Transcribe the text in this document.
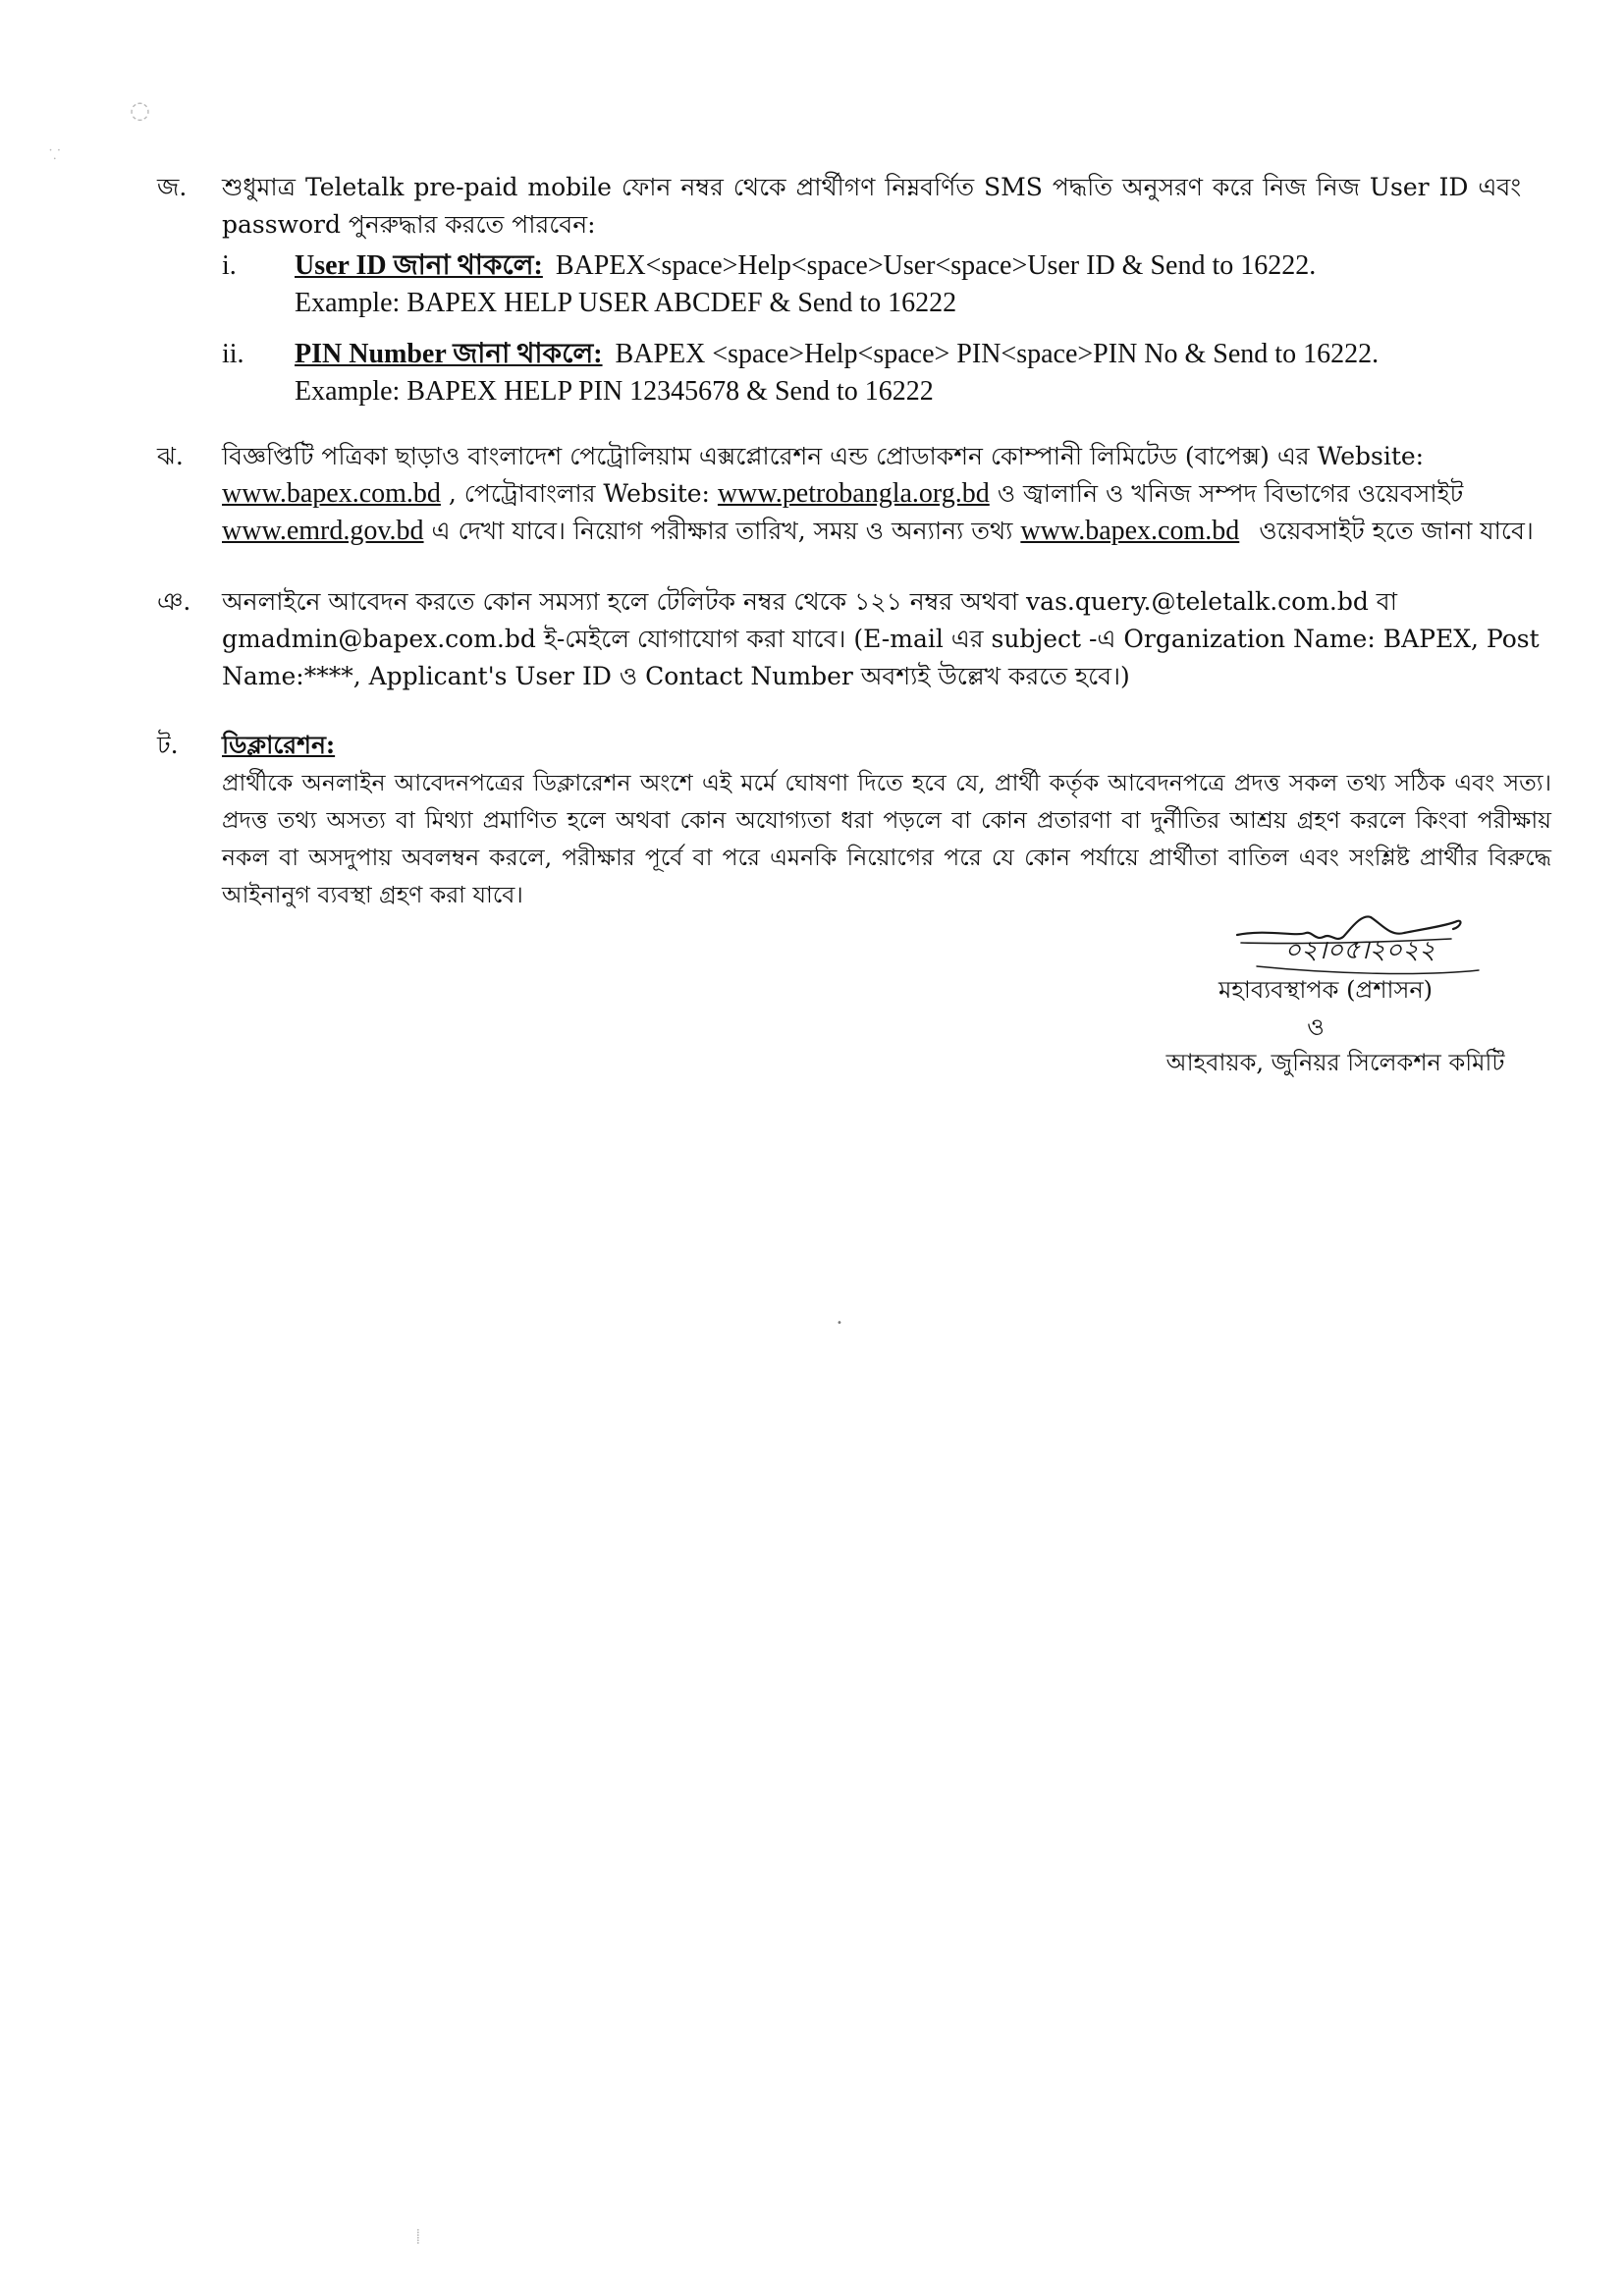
◌
⸪
জ.	শুধুমাত্র Teletalk pre-paid mobile ফোন নম্বর থেকে প্রার্থীগণ নিম্নবর্ণিত SMS পদ্ধতি অনুসরণ করে নিজ নিজ User ID এবং
password পুনরুদ্ধার করতে পারবেন:
i.	User ID জানা থাকলে: BAPEX<space>Help<space>User<space>User ID & Send to 16222.
Example: BAPEX HELP USER ABCDEF & Send to 16222
ii.	PIN Number জানা থাকলে: BAPEX <space>Help<space> PIN<space>PIN No & Send to 16222.
Example: BAPEX HELP PIN 12345678 & Send to 16222
ঝ.	বিজ্ঞপ্তিটি পত্রিকা ছাড়াও বাংলাদেশ পেট্রোলিয়াম এক্সপ্লোরেশন এন্ড প্রোডাকশন কোম্পানী লিমিটেড (বাপেক্স) এর Website:
www.bapex.com.bd , পেট্রোবাংলার Website: www.petrobangla.org.bd ও জ্বালানি ও খনিজ সম্পদ বিভাগের ওয়েবসাইট
www.emrd.gov.bd এ দেখা যাবে। নিয়োগ পরীক্ষার তারিখ, সময় ও অন্যান্য তথ্য www.bapex.com.bd ওয়েবসাইট হতে জানা যাবে।
ঞ.	অনলাইনে আবেদন করতে কোন সমস্যা হলে টেলিটক নম্বর থেকে ১২১ নম্বর অথবা vas.query.@teletalk.com.bd বা
gmadmin@bapex.com.bd ই-মেইলে যোগাযোগ করা যাবে। (E-mail এর subject -এ Organization Name: BAPEX, Post
Name:****, Applicant's User ID ও Contact Number অবশ্যই উল্লেখ করতে হবে।)
ট.	ডিক্লারেশন:
প্রার্থীকে অনলাইন আবেদনপত্রের ডিক্লারেশন অংশে এই মর্মে ঘোষণা দিতে হবে যে, প্রার্থী কর্তৃক আবেদনপত্রে প্রদত্ত সকল তথ্য সঠিক এবং সত্য। প্রদত্ত তথ্য অসত্য বা মিথ্যা প্রমাণিত হলে অথবা কোন অযোগ্যতা ধরা পড়লে বা কোন প্রতারণা বা দুর্নীতির আশ্রয় গ্রহণ করলে কিংবা পরীক্ষায় নকল বা অসদুপায় অবলম্বন করলে, পরীক্ষার পূর্বে বা পরে এমনকি নিয়োগের পরে যে কোন পর্যায়ে প্রার্থীতা বাতিল এবং সংশ্লিষ্ট প্রার্থীর বিরুদ্ধে আইনানুগ ব্যবস্থা গ্রহণ করা যাবে।
০২।০৫।২০২২
মহাব্যবস্থাপক (প্রশাসন)
ও
আহবায়ক, জুনিয়র সিলেকশন কমিটি
•
⸽
